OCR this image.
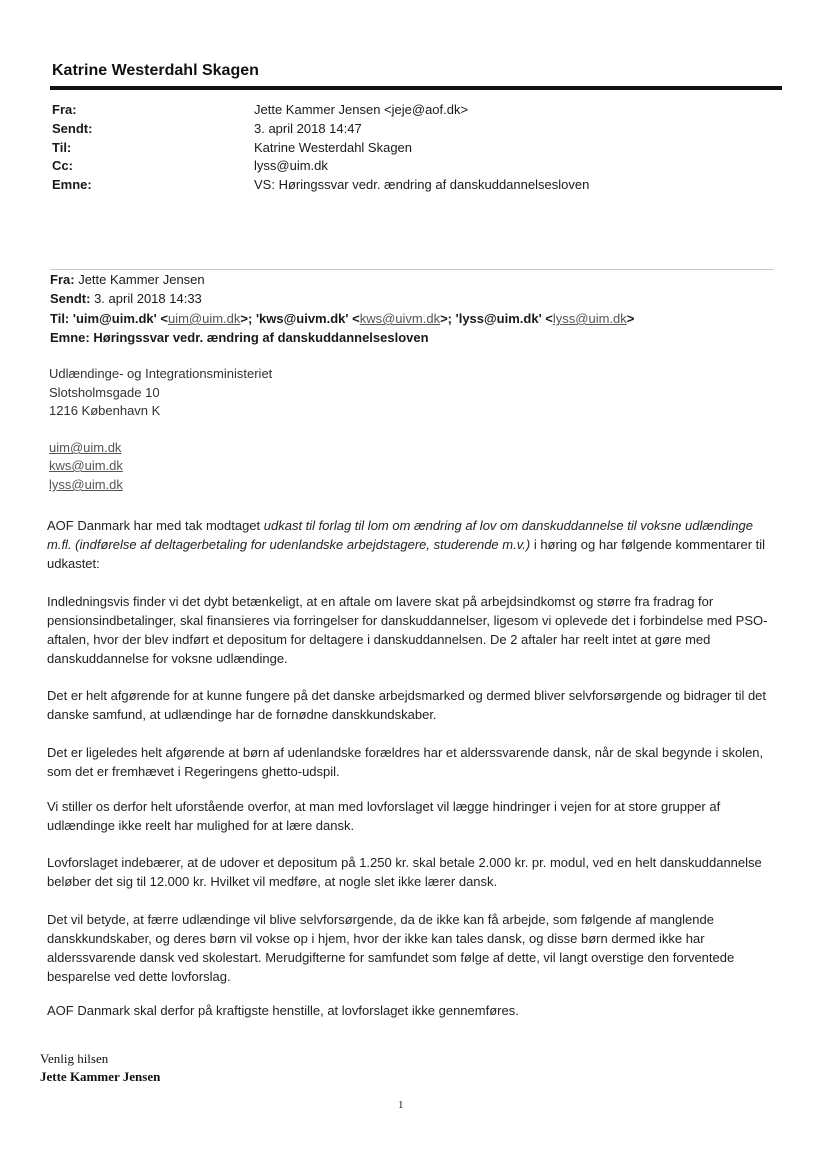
Katrine Westerdahl Skagen
Fra:	Jette Kammer Jensen <jeje@aof.dk>
Sendt:	3. april 2018 14:47
Til:	Katrine Westerdahl Skagen
Cc:	lyss@uim.dk
Emne:	VS: Høringssvar vedr. ændring af danskuddannelsesloven
Fra: Jette Kammer Jensen
Sendt: 3. april 2018 14:33
Til: 'uim@uim.dk' <uim@uim.dk>; 'kws@uivm.dk' <kws@uivm.dk>; 'lyss@uim.dk' <lyss@uim.dk>
Emne: Høringssvar vedr. ændring af danskuddannelsesloven
Udlændinge- og Integrationsministeriet
Slotsholmsgade 10
1216 København K
uim@uim.dk
kws@uim.dk
lyss@uim.dk
AOF Danmark har med tak modtaget udkast til forlag til lom om ændring af lov om danskuddannelse til voksne udlændinge m.fl. (indførelse af deltagerbetaling for udenlandske arbejdstagere, studerende m.v.) i høring og har følgende kommentarer til udkastet:
Indledningsvis finder vi det dybt betænkeligt, at en aftale om lavere skat på arbejdsindkomst og større fra fradrag for pensionsindbetalinger, skal finansieres via forringelser for danskuddannelser, ligesom vi oplevede det i forbindelse med PSO-aftalen, hvor der blev indført et depositum for deltagere i danskuddannelsen. De 2 aftaler har reelt intet at gøre med danskuddannelse for voksne udlændinge.
Det er helt afgørende for at kunne fungere på det danske arbejdsmarked og dermed bliver selvforsørgende og bidrager til det danske samfund, at udlændinge har de fornødne danskkundskaber.
Det er ligeledes helt afgørende at børn af udenlandske forældres har et alderssvarende dansk, når de skal begynde i skolen, som det er fremhævet i Regeringens ghetto-udspil.
Vi stiller os derfor helt uforstående overfor, at man med lovforslaget vil lægge hindringer i vejen for at store grupper af udlændinge ikke reelt har mulighed for at lære dansk.
Lovforslaget indebærer, at de udover et depositum på 1.250 kr. skal betale 2.000 kr. pr. modul, ved en helt danskuddannelse beløber det sig til 12.000 kr. Hvilket vil medføre, at nogle slet ikke lærer dansk.
Det vil betyde, at færre udlændinge vil blive selvforsørgende, da de ikke kan få arbejde, som følgende af manglende danskkundskaber, og deres børn vil vokse op i hjem, hvor der ikke kan tales dansk, og disse børn dermed ikke har alderssvarende dansk ved skolestart. Merudgifterne for samfundet som følge af dette, vil langt overstige den forventede besparelse ved dette lovforslag.
AOF Danmark skal derfor på kraftigste henstille, at lovforslaget ikke gennemføres.
Venlig hilsen
Jette Kammer Jensen
1
